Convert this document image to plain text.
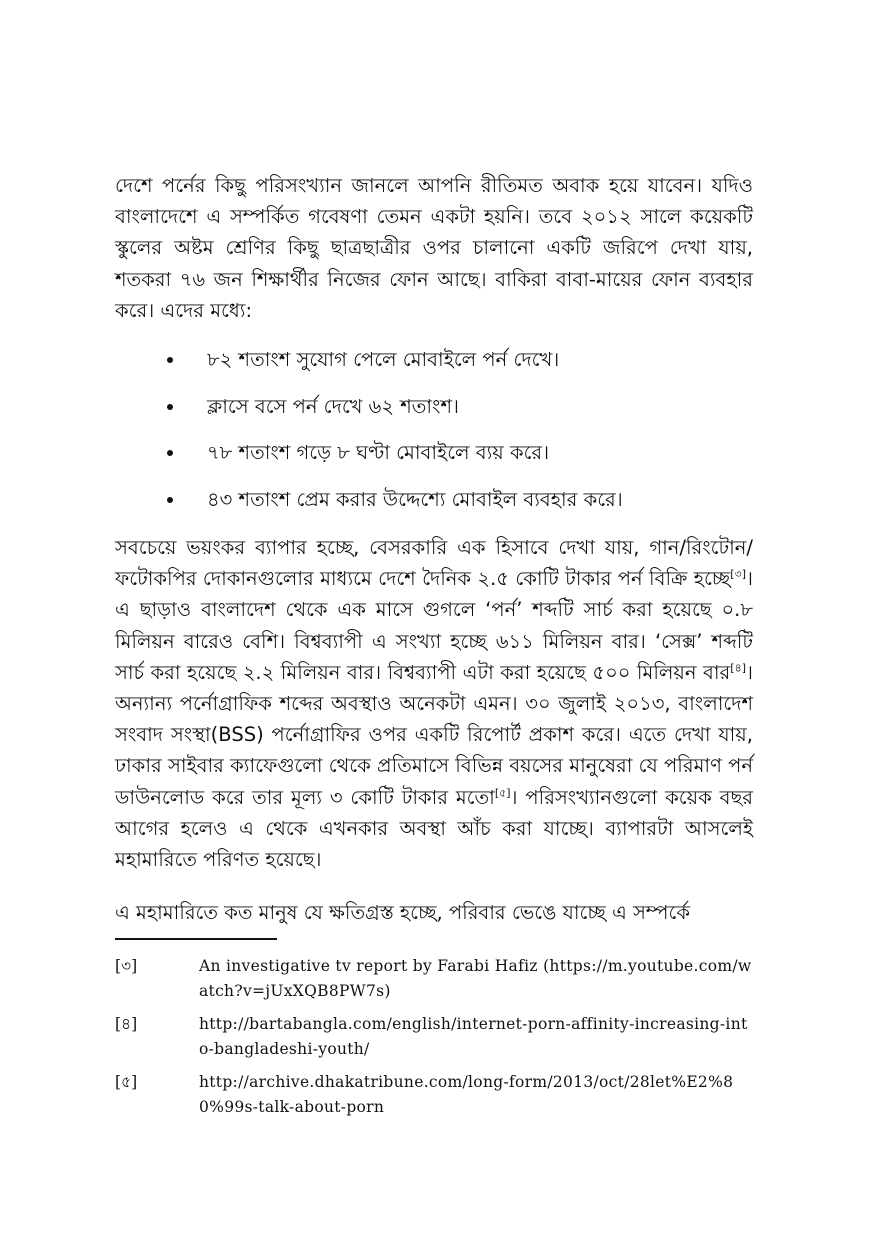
দেশে পর্নের কিছু পরিসংখ্যান জানলে আপনি রীতিমত অবাক হয়ে যাবেন। যদিও বাংলাদেশে এ সম্পর্কিত গবেষণা তেমন একটা হয়নি। তবে ২০১২ সালে কয়েকটি স্কুলের অষ্টম শ্রেণির কিছু ছাত্রছাত্রীর ওপর চালানো একটি জরিপে দেখা যায়, শতকরা ৭৬ জন শিক্ষার্থীর নিজের ফোন আছে। বাকিরা বাবা-মায়ের ফোন ব্যবহার করে। এদের মধ্যে:

৮২ শতাংশ সুযোগ পেলে মোবাইলে পর্ন দেখে।
ক্লাসে বসে পর্ন দেখে ৬২ শতাংশ।
৭৮ শতাংশ গড়ে ৮ ঘণ্টা মোবাইলে ব্যয় করে।
৪৩ শতাংশ প্রেম করার উদ্দেশ্যে মোবাইল ব্যবহার করে।

সবচেয়ে ভয়ংকর ব্যাপার হচ্ছে, বেসরকারি এক হিসাবে দেখা যায়, গান/রিংটোন/ফটোকপির দোকানগুলোর মাধ্যমে দেশে দৈনিক ২.৫ কোটি টাকার পর্ন বিক্রি হচ্ছে[৩]। এ ছাড়াও বাংলাদেশ থেকে এক মাসে গুগলে ‘পর্ন’ শব্দটি সার্চ করা হয়েছে ০.৮ মিলিয়ন বারেও বেশি। বিশ্বব্যাপী এ সংখ্যা হচ্ছে ৬১১ মিলিয়ন বার। ‘সেক্স’ শব্দটি সার্চ করা হয়েছে ২.২ মিলিয়ন বার। বিশ্বব্যাপী এটা করা হয়েছে ৫০০ মিলিয়ন বার[৪]। অন্যান্য পর্নোগ্রাফিক শব্দের অবস্থাও অনেকটা এমন। ৩০ জুলাই ২০১৩, বাংলাদেশ সংবাদ সংস্থা(BSS) পর্নোগ্রাফির ওপর একটি রিপোর্ট প্রকাশ করে। এতে দেখা যায়, ঢাকার সাইবার ক্যাফেগুলো থেকে প্রতিমাসে বিভিন্ন বয়সের মানুষেরা যে পরিমাণ পর্ন ডাউনলোড করে তার মূল্য ৩ কোটি টাকার মতো[৫]। পরিসংখ্যানগুলো কয়েক বছর আগের হলেও এ থেকে এখনকার অবস্থা আঁচ করা যাচ্ছে। ব্যাপারটা আসলেই মহামারিতে পরিণত হয়েছে।

এ মহামারিতে কত মানুষ যে ক্ষতিগ্রস্ত হচ্ছে, পরিবার ভেঙে যাচ্ছে এ সম্পর্কে

[৩]	An investigative tv report by Farabi Hafiz (https://m.youtube.com/watch?v=jUxXQB8PW7s)
[৪]	http://bartabangla.com/english/internet-porn-affinity-increasing-into-bangladeshi-youth/
[৫]	http://archive.dhakatribune.com/long-form/2013/oct/28let%E2%80%99s-talk-about-porn
